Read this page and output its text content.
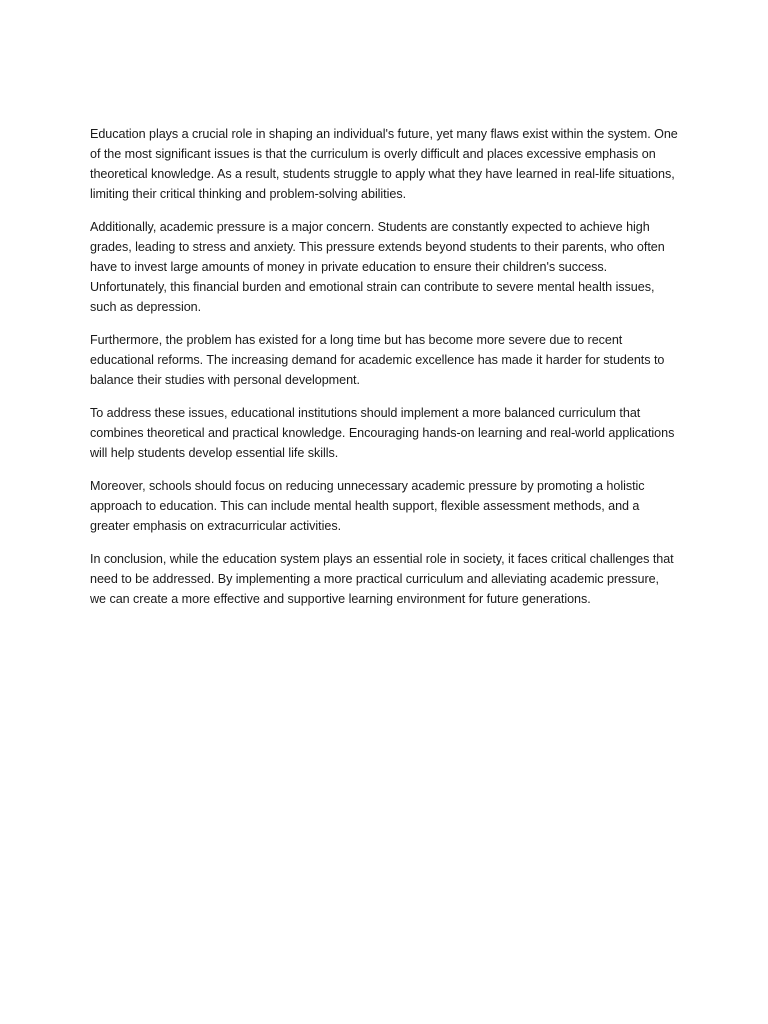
Education plays a crucial role in shaping an individual's future, yet many flaws exist within the system. One of the most significant issues is that the curriculum is overly difficult and places excessive emphasis on theoretical knowledge. As a result, students struggle to apply what they have learned in real-life situations, limiting their critical thinking and problem-solving abilities.

Additionally, academic pressure is a major concern. Students are constantly expected to achieve high grades, leading to stress and anxiety. This pressure extends beyond students to their parents, who often have to invest large amounts of money in private education to ensure their children's success. Unfortunately, this financial burden and emotional strain can contribute to severe mental health issues, such as depression.

Furthermore, the problem has existed for a long time but has become more severe due to recent educational reforms. The increasing demand for academic excellence has made it harder for students to balance their studies with personal development.

To address these issues, educational institutions should implement a more balanced curriculum that combines theoretical and practical knowledge. Encouraging hands-on learning and real-world applications will help students develop essential life skills.

Moreover, schools should focus on reducing unnecessary academic pressure by promoting a holistic approach to education. This can include mental health support, flexible assessment methods, and a greater emphasis on extracurricular activities.

In conclusion, while the education system plays an essential role in society, it faces critical challenges that need to be addressed. By implementing a more practical curriculum and alleviating academic pressure, we can create a more effective and supportive learning environment for future generations.
